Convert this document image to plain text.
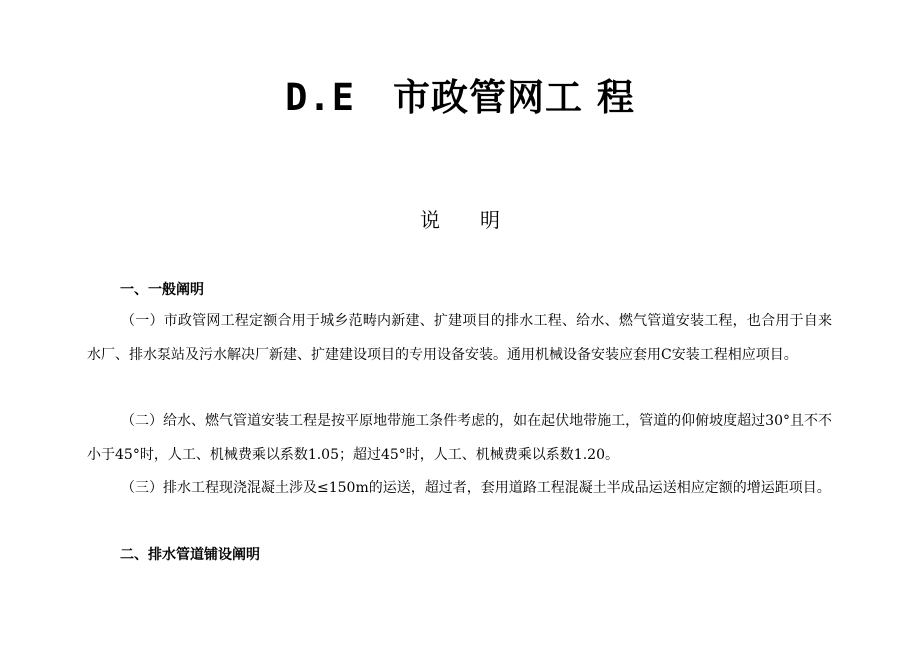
D.E 市政管网工 程
说明
一、一般阐明
（一）市政管网工程定额合用于城乡范畴内新建、扩建项目的排水工程、给水、燃气管道安装工程，也合用于自来水厂、排水泵站及污水解决厂新建、扩建建设项目的专用设备安装。通用机械设备安装应套用C安装工程相应项目。
（二）给水、燃气管道安装工程是按平原地带施工条件考虑的，如在起伏地带施工，管道的仰俯坡度超过30°且不不小于45°时，人工、机械费乘以系数1.05；超过45°时，人工、机械费乘以系数1.20。
（三）排水工程现浇混凝土涉及≤150m的运送，超过者，套用道路工程混凝土半成品运送相应定额的增运距项目。
二、排水管道铺设阐明
